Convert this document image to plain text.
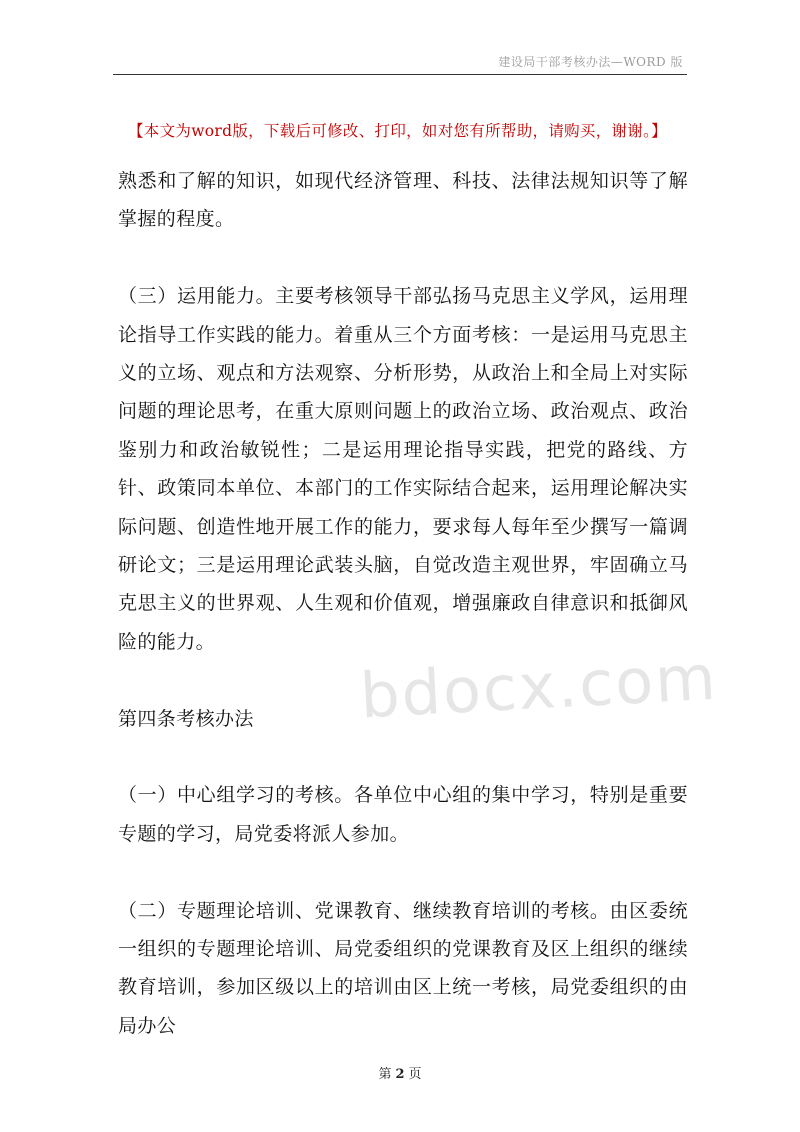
建设局干部考核办法—WORD 版
【本文为word版，下载后可修改、打印，如对您有所帮助，请购买，谢谢。】
bdocx.com

熟悉和了解的知识，如现代经济管理、科技、法律法规知识等了解掌握的程度。

（三）运用能力。主要考核领导干部弘扬马克思主义学风，运用理论指导工作实践的能力。着重从三个方面考核：一是运用马克思主义的立场、观点和方法观察、分析形势，从政治上和全局上对实际问题的理论思考，在重大原则问题上的政治立场、政治观点、政治鉴别力和政治敏锐性；二是运用理论指导实践，把党的路线、方针、政策同本单位、本部门的工作实际结合起来，运用理论解决实际问题、创造性地开展工作的能力，要求每人每年至少撰写一篇调研论文；三是运用理论武装头脑，自觉改造主观世界，牢固确立马克思主义的世界观、人生观和价值观，增强廉政自律意识和抵御风险的能力。

第四条考核办法

（一）中心组学习的考核。各单位中心组的集中学习，特别是重要专题的学习，局党委将派人参加。

（二）专题理论培训、党课教育、继续教育培训的考核。由区委统一组织的专题理论培训、局党委组织的党课教育及区上组织的继续教育培训，参加区级以上的培训由区上统一考核，局党委组织的由局办公

第 2 页
